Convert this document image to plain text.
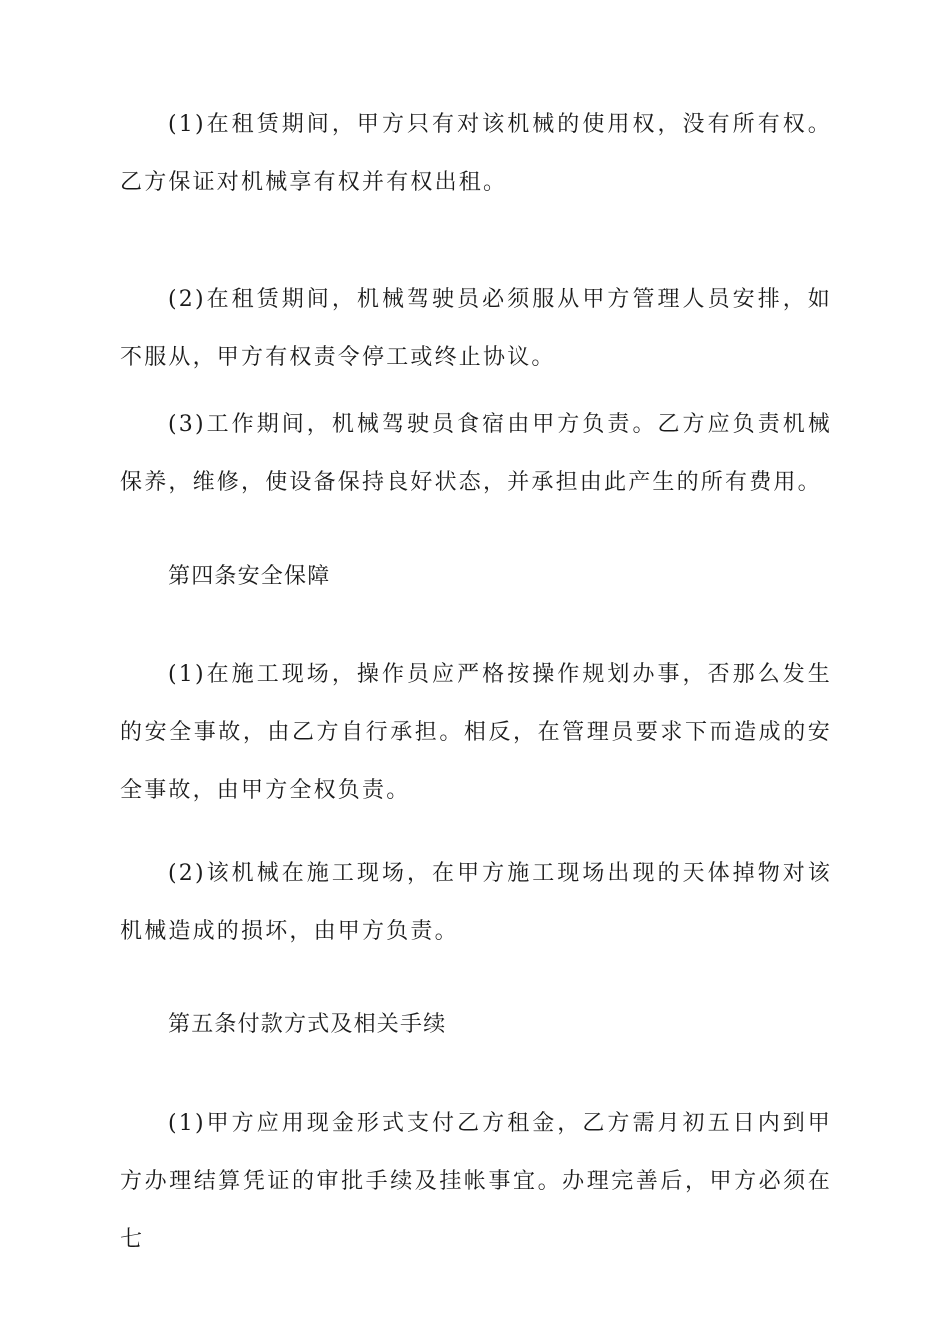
(1)在租赁期间，甲方只有对该机械的使用权，没有所有权。乙方保证对机械享有权并有权出租。

(2)在租赁期间，机械驾驶员必须服从甲方管理人员安排，如不服从，甲方有权责令停工或终止协议。

(3)工作期间，机械驾驶员食宿由甲方负责。乙方应负责机械保养，维修，使设备保持良好状态，并承担由此产生的所有费用。

第四条安全保障

(1)在施工现场，操作员应严格按操作规划办事，否那么发生的安全事故，由乙方自行承担。相反，在管理员要求下而造成的安全事故，由甲方全权负责。

(2)该机械在施工现场，在甲方施工现场出现的天体掉物对该机械造成的损坏，由甲方负责。

第五条付款方式及相关手续

(1)甲方应用现金形式支付乙方租金，乙方需月初五日内到甲方办理结算凭证的审批手续及挂帐事宜。办理完善后，甲方必须在七
